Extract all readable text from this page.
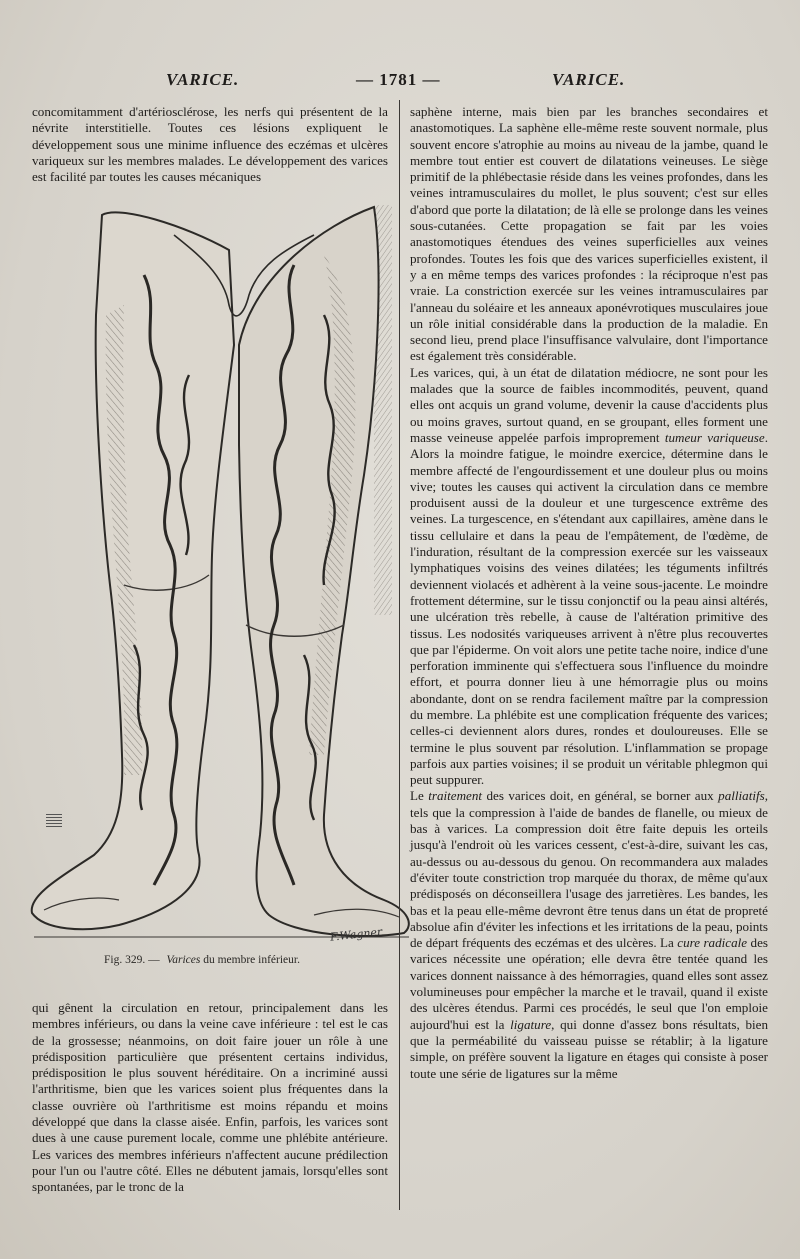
VARICE.	— 1781 —	VARICE.

concomitamment d'artériosclérose, les nerfs qui présentent de la névrite interstitielle. Toutes ces lésions expliquent le développement sous une minime influence des eczémas et ulcères variqueux sur les membres malades. Le développement des varices est facilité par toutes les causes mécaniques

F.Wagner
Fig. 329. — Varices du membre inférieur.

qui gênent la circulation en retour, principalement dans les membres inférieurs, ou dans la veine cave inférieure : tel est le cas de la grossesse; néanmoins, on doit faire jouer un rôle à une prédisposition particulière que présentent certains individus, prédisposition le plus souvent héréditaire. On a incriminé aussi l'arthritisme, bien que les varices soient plus fréquentes dans la classe ouvrière où l'arthritisme est moins répandu et moins développé que dans la classe aisée. Enfin, parfois, les varices sont dues à une cause purement locale, comme une phlébite antérieure. Les varices des membres inférieurs n'affectent aucune prédilection pour l'un ou l'autre côté. Elles ne débutent jamais, lorsqu'elles sont spontanées, par le tronc de la

saphène interne, mais bien par les branches secondaires et anastomotiques. La saphène elle-même reste souvent normale, plus souvent encore s'atrophie au moins au niveau de la jambe, quand le membre tout entier est couvert de dilatations veineuses. Le siège primitif de la phlébectasie réside dans les veines profondes, dans les veines intramusculaires du mollet, le plus souvent; c'est sur elles d'abord que porte la dilatation; de là elle se prolonge dans les veines sous-cutanées. Cette propagation se fait par les voies anastomotiques étendues des veines superficielles aux veines profondes. Toutes les fois que des varices superficielles existent, il y a en même temps des varices profondes : la réciproque n'est pas vraie. La constriction exercée sur les veines intramusculaires par l'anneau du soléaire et les anneaux aponévrotiques musculaires joue un rôle initial considérable dans la production de la maladie. En second lieu, prend place l'insuffisance valvulaire, dont l'importance est également très considérable.

Les varices, qui, à un état de dilatation médiocre, ne sont pour les malades que la source de faibles incommodités, peuvent, quand elles ont acquis un grand volume, devenir la cause d'accidents plus ou moins graves, surtout quand, en se groupant, elles forment une masse veineuse appelée parfois improprement tumeur variqueuse. Alors la moindre fatigue, le moindre exercice, détermine dans le membre affecté de l'engourdissement et une douleur plus ou moins vive; toutes les causes qui activent la circulation dans ce membre produisent aussi de la douleur et une turgescence extrême des veines. La turgescence, en s'étendant aux capillaires, amène dans le tissu cellulaire et dans la peau de l'empâtement, de l'œdème, de l'induration, résultant de la compression exercée sur les vaisseaux lymphatiques voisins des veines dilatées; les téguments infiltrés deviennent violacés et adhèrent à la veine sous-jacente. Le moindre frottement détermine, sur le tissu conjonctif ou la peau ainsi altérés, une ulcération très rebelle, à cause de l'altération primitive des tissus. Les nodosités variqueuses arrivent à n'être plus recouvertes que par l'épiderme. On voit alors une petite tache noire, indice d'une perforation imminente qui s'effectuera sous l'influence du moindre effort, et pourra donner lieu à une hémorragie plus ou moins abondante, dont on se rendra facilement maître par la compression du membre. La phlébite est une complication fréquente des varices; celles-ci deviennent alors dures, rondes et douloureuses. Elle se termine le plus souvent par résolution. L'inflammation se propage parfois aux parties voisines; il se produit un véritable phlegmon qui peut suppurer.

Le traitement des varices doit, en général, se borner aux palliatifs, tels que la compression à l'aide de bandes de flanelle, ou mieux de bas à varices. La compression doit être faite depuis les orteils jusqu'à l'endroit où les varices cessent, c'est-à-dire, suivant les cas, au-dessus ou au-dessous du genou. On recommandera aux malades d'éviter toute constriction trop marquée du thorax, de même qu'aux prédisposés on déconseillera l'usage des jarretières. Les bandes, les bas et la peau elle-même devront être tenus dans un état de propreté absolue afin d'éviter les infections et les irritations de la peau, points de départ fréquents des eczémas et des ulcères. La cure radicale des varices nécessite une opération; elle devra être tentée quand les varices donnent naissance à des hémorragies, quand elles sont assez volumineuses pour empêcher la marche et le travail, quand il existe des ulcères étendus. Parmi ces procédés, le seul que l'on emploie aujourd'hui est la ligature, qui donne d'assez bons résultats, bien que la perméabilité du vaisseau puisse se rétablir; à la ligature simple, on préfère souvent la ligature en étages qui consiste à poser toute une série de ligatures sur la même
